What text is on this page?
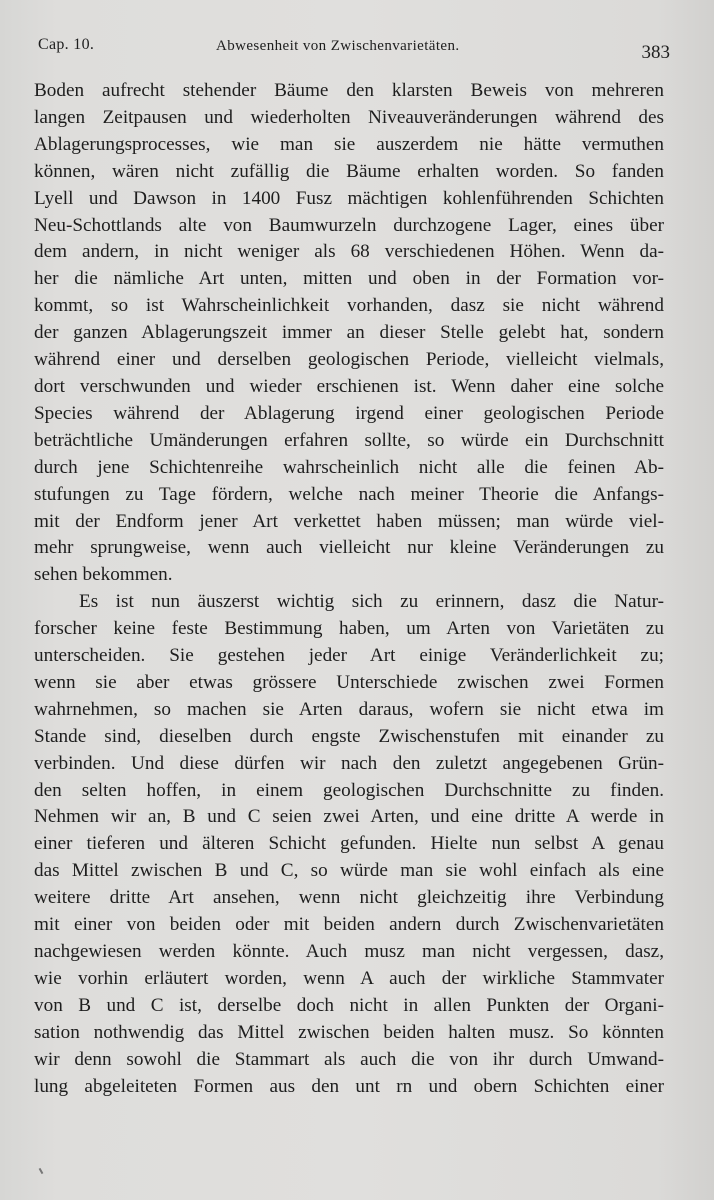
Cap. 10.	Abwesenheit von Zwischenvarietäten.	383
Boden aufrecht stehender Bäume den klarsten Beweis von mehreren
langen Zeitpausen und wiederholten Niveauveränderungen während des
Ablagerungsprocesses, wie man sie auszerdem nie hätte vermuthen
können, wären nicht zufällig die Bäume erhalten worden. So fanden
Lyell und Dawson in 1400 Fusz mächtigen kohlenführenden Schichten
Neu-Schottlands alte von Baumwurzeln durchzogene Lager, eines über
dem andern, in nicht weniger als 68 verschiedenen Höhen. Wenn da-
her die nämliche Art unten, mitten und oben in der Formation vor-
kommt, so ist Wahrscheinlichkeit vorhanden, dasz sie nicht während
der ganzen Ablagerungszeit immer an dieser Stelle gelebt hat, sondern
während einer und derselben geologischen Periode, vielleicht vielmals,
dort verschwunden und wieder erschienen ist. Wenn daher eine solche
Species während der Ablagerung irgend einer geologischen Periode
beträchtliche Umänderungen erfahren sollte, so würde ein Durchschnitt
durch jene Schichtenreihe wahrscheinlich nicht alle die feinen Ab-
stufungen zu Tage fördern, welche nach meiner Theorie die Anfangs-
mit der Endform jener Art verkettet haben müssen; man würde viel-
mehr sprungweise, wenn auch vielleicht nur kleine Veränderungen zu
sehen bekommen.
Es ist nun äuszerst wichtig sich zu erinnern, dasz die Natur-
forscher keine feste Bestimmung haben, um Arten von Varietäten zu
unterscheiden. Sie gestehen jeder Art einige Veränderlichkeit zu;
wenn sie aber etwas grössere Unterschiede zwischen zwei Formen
wahrnehmen, so machen sie Arten daraus, wofern sie nicht etwa im
Stande sind, dieselben durch engste Zwischenstufen mit einander zu
verbinden. Und diese dürfen wir nach den zuletzt angegebenen Grün-
den selten hoffen, in einem geologischen Durchschnitte zu finden.
Nehmen wir an, B und C seien zwei Arten, und eine dritte A werde in
einer tieferen und älteren Schicht gefunden. Hielte nun selbst A genau
das Mittel zwischen B und C, so würde man sie wohl einfach als eine
weitere dritte Art ansehen, wenn nicht gleichzeitig ihre Verbindung
mit einer von beiden oder mit beiden andern durch Zwischenvarietäten
nachgewiesen werden könnte. Auch musz man nicht vergessen, dasz,
wie vorhin erläutert worden, wenn A auch der wirkliche Stammvater
von B und C ist, derselbe doch nicht in allen Punkten der Organi-
sation nothwendig das Mittel zwischen beiden halten musz. So könnten
wir denn sowohl die Stammart als auch die von ihr durch Umwand-
lung abgeleiteten Formen aus den unt rn und obern Schichten einer
